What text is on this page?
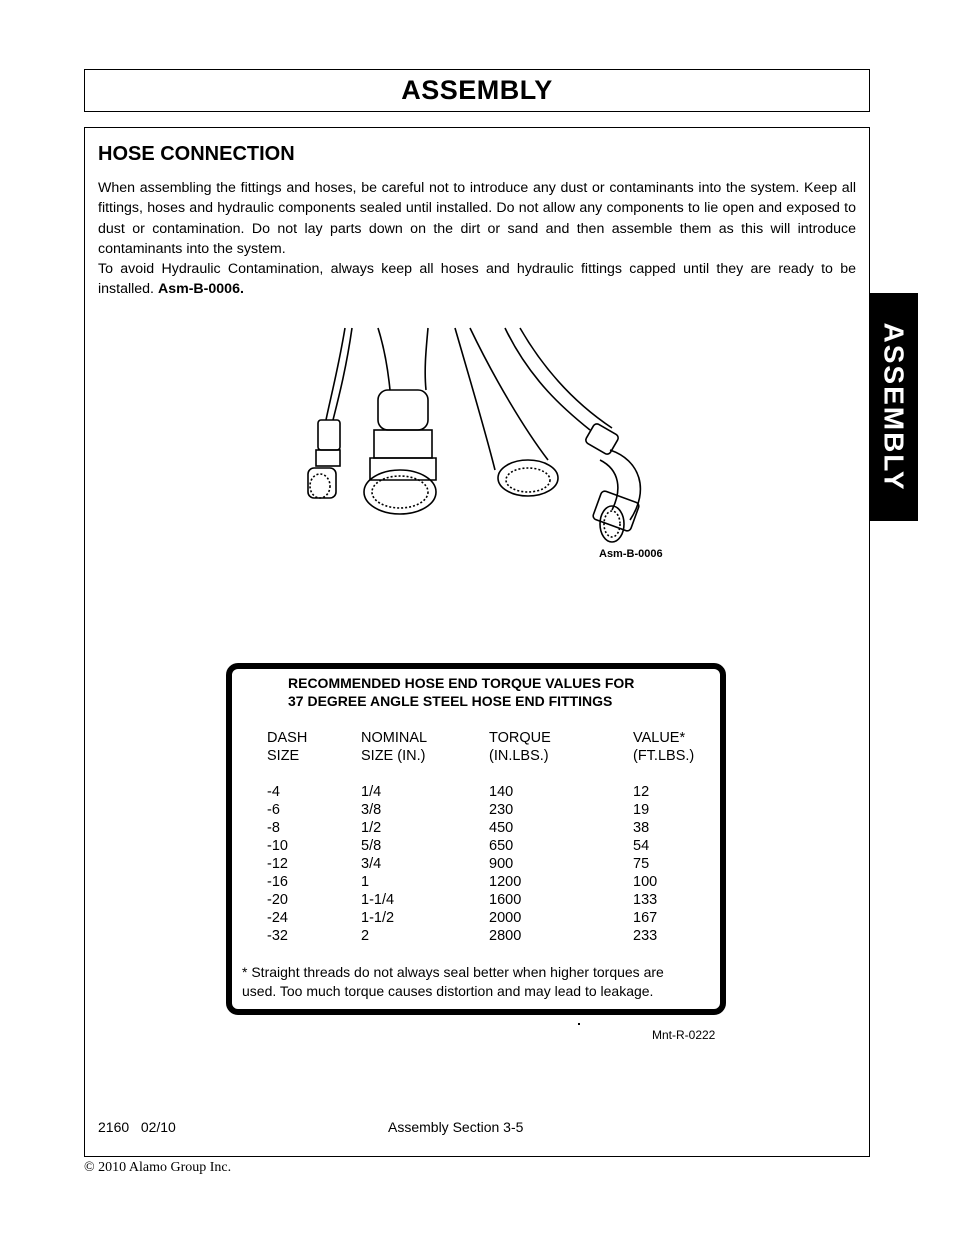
ASSEMBLY
HOSE CONNECTION

When assembling the fittings and hoses, be careful not to introduce any dust or contaminants into the system. Keep all fittings, hoses and hydraulic components sealed until installed. Do not allow any components to lie open and exposed to dust or contamination. Do not lay parts down on the dirt or sand and then assemble them as this will introduce contaminants into the system.

To avoid Hydraulic Contamination, always keep all hoses and hydraulic fittings capped until they are ready to be installed. Asm-B-0006.

ASSEMBLY
Asm-B-0006
RECOMMENDED HOSE END TORQUE VALUES FOR
37 DEGREE ANGLE STEEL HOSE END FITTINGS
DASH
SIZE
NOMINAL
SIZE (IN.)
TORQUE
(IN.LBS.)
VALUE*
(FT.LBS.)
-4
-6
-8
-10
-12
-16
-20
-24
-32
1/4
3/8
1/2
5/8
3/4
1
1-1/4
1-1/2
2
140
230
450
650
900
1200
1600
2000
2800
12
19
38
54
75
100
133
167
233
* Straight threads do not always seal better when higher torques are
used. Too much torque causes distortion and may lead to leakage.
Mnt-R-0222
2160   02/10	Assembly Section 3-5
© 2010 Alamo Group Inc.
